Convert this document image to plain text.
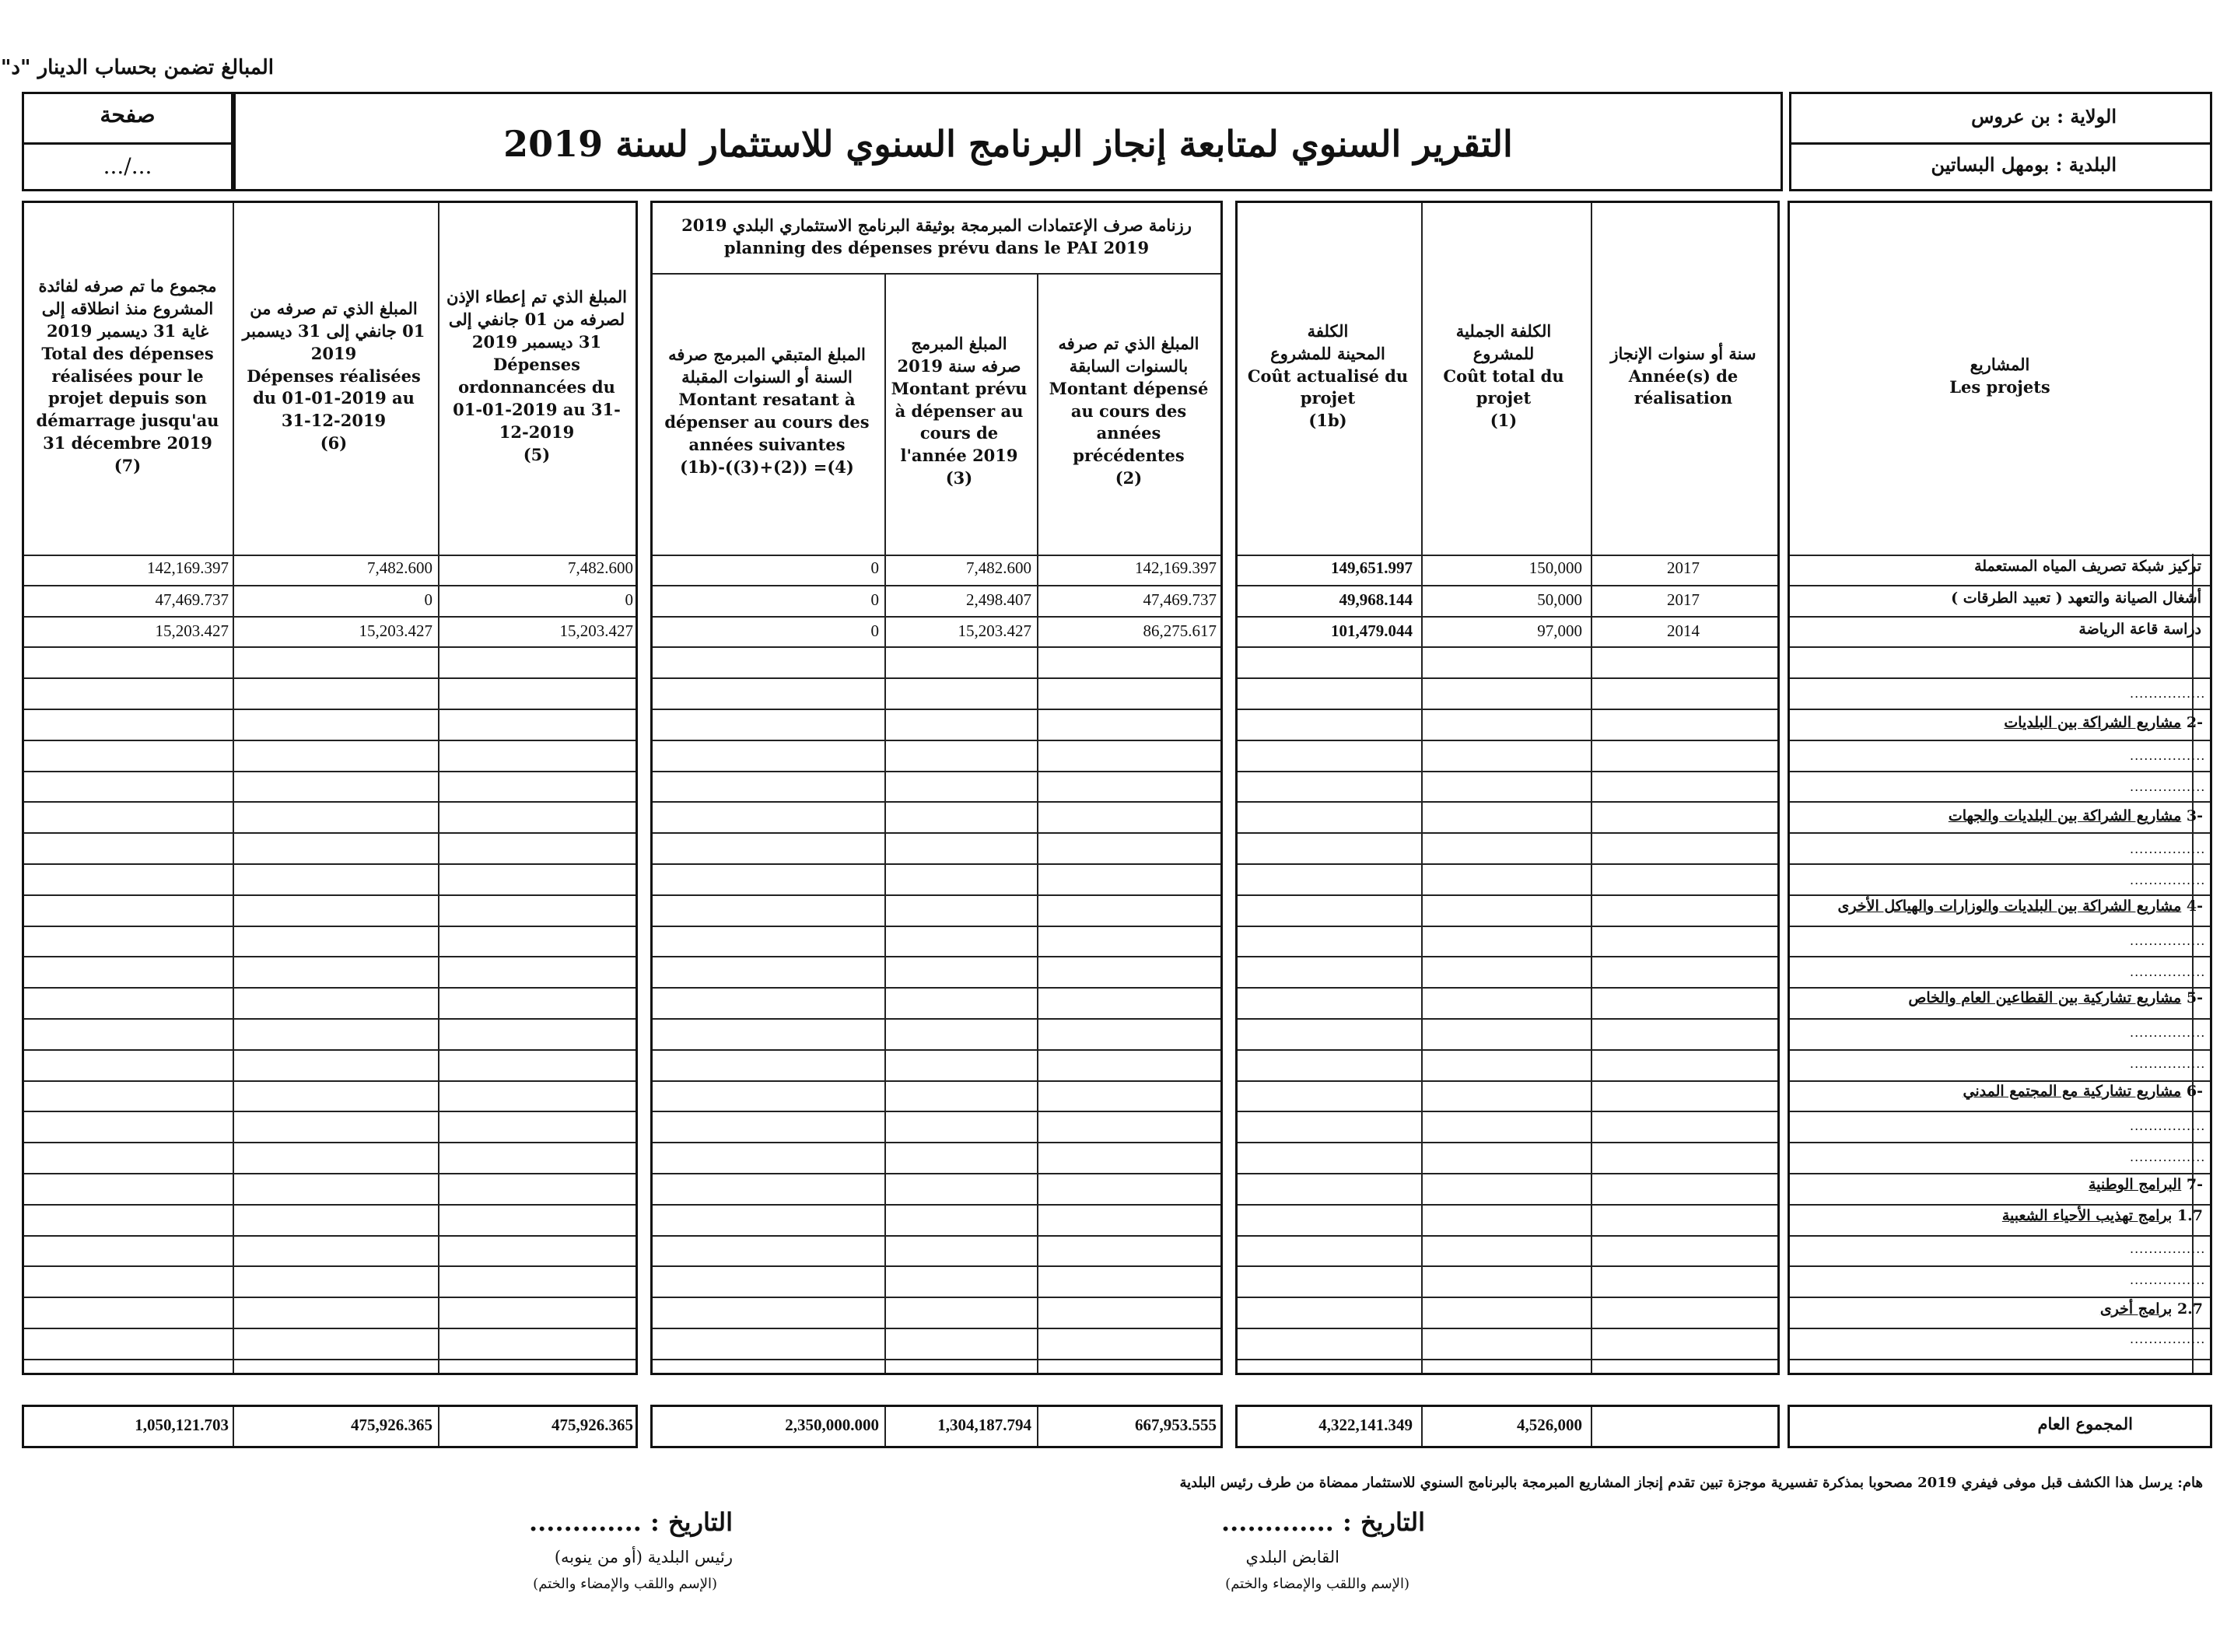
المبالغ تضمن بحساب الدينار "د"
صفحة
.../...
التقرير السنوي لمتابعة إنجاز البرنامج السنوي للاستثمار لسنة 2019
الولاية : بن عروس
البلدية : بومهل البساتين
مجموع ما تم صرفه لفائدة المشروع منذ انطلاقه إلى غاية 31 ديسمبر 2019
Total des dépenses réalisées pour le projet depuis son démarrage jusqu'au 31 décembre 2019
(7)
المبلغ الذي تم صرفه من 01 جانفي إلى 31 ديسمبر 2019
Dépenses réalisées du 01-01-2019 au 31-12-2019
(6)
المبلغ الذي تم إعطاء الإذن لصرفه من 01 جانفي إلى 31 ديسمبر 2019
Dépenses ordonnancées du 01-01-2019 au 31-12-2019
(5)
رزنامة صرف الإعتمادات المبرمجة بوثيقة البرنامج الاستثماري البلدي 2019
planning des dépenses prévu dans le PAI 2019
المبلغ المتبقي المبرمج صرفه السنة أو السنوات المقبلة
Montant resatant à dépenser au cours des années suivantes
(1b)-((3)+(2)) =(4)
المبلغ المبرمج صرفه سنة 2019
Montant prévu à dépenser au cours de l'année 2019
(3)
المبلغ الذي تم صرفه بالسنوات السابقة
Montant dépensé au cours des années précédentes
(2)
الكلفة
المحينة للمشروع
Coût actualisé du projet
(1b)
الكلفة الجملية للمشروع
Coût total du projet
(1)
سنة أو سنوات الإنجاز
Année(s) de réalisation
المشاريع
Les projets
تركيز شبكة تصريف المياه المستعملة
2017
150,000
149,651.997
142,169.397
7,482.600
0
7,482.600
7,482.600
142,169.397
أشغال الصيانة والتعهد ( تعبيد الطرقات )
2017
50,000
49,968.144
47,469.737
2,498.407
0
0
0
47,469.737
دراسة قاعة الرياضة
2014
97,000
101,479.044
86,275.617
15,203.427
0
15,203.427
15,203.427
15,203.427
-2 مشاريع الشراكة بين البلديات
-3 مشاريع الشراكة بين البلديات والجهات
-4 مشاريع الشراكة بين البلديات والوزارات والهياكل الأخرى
-5 مشاريع تشاركية بين القطاعين العام والخاص
-6 مشاريع تشاركية مع المجتمع المدني
-7 البرامج الوطنية
1.7 برامج تهذيب الأحياء الشعبية
2.7 برامج أخرى
................
................
................
................
................
................
................
................
................
................
................
................
................
................
المجموع العام
4,526,000
4,322,141.349
667,953.555
1,304,187.794
2,350,000.000
475,926.365
475,926.365
1,050,121.703
هام: يرسل هذا الكشف قبل موفى فيفري 2019 مصحوبا بمذكرة تفسيرية موجزة تبين تقدم إنجاز المشاريع المبرمجة بالبرنامج السنوي للاستثمار ممضاة من طرف رئيس البلدية
التاريخ : .............
القابض البلدي
(الإسم واللقب والإمضاء والختم)
التاريخ : .............
رئيس البلدية (أو من ينوبه)
(الإسم واللقب والإمضاء والختم)
